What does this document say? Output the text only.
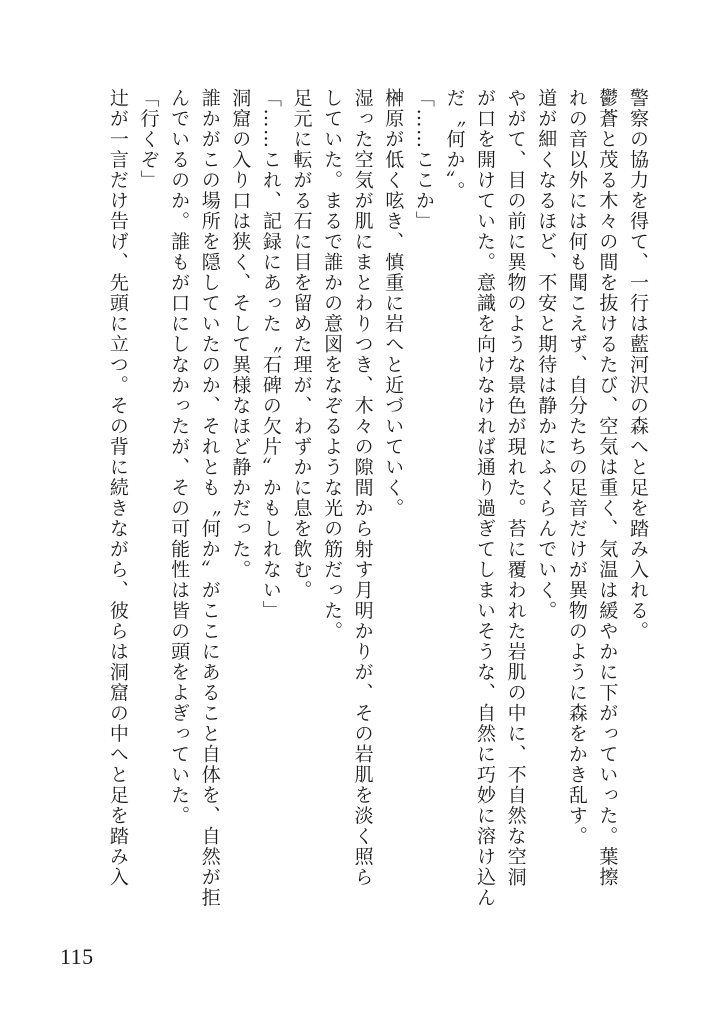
警察の協力を得て、一行は藍河沢の森へと足を踏み入れる。

鬱蒼と茂る木々の間を抜けるたび、空気は重く、気温は緩やかに下がっていった。葉擦

れの音以外には何も聞こえず、自分たちの足音だけが異物のように森をかき乱す。

道が細くなるほど、不安と期待は静かにふくらんでいく。

やがて、目の前に異物のような景色が現れた。苔に覆われた岩肌の中に、不自然な空洞

が口を開けていた。意識を向けなければ通り過ぎてしまいそうな、自然に巧妙に溶け込ん

だ〝何か〟。

「……ここか」

榊原が低く呟き、慎重に岩へと近づいていく。

湿った空気が肌にまとわりつき、木々の隙間から射す月明かりが、その岩肌を淡く照ら

していた。まるで誰かの意図をなぞるような光の筋だった。

足元に転がる石に目を留めた理が、わずかに息を飲む。

「……これ、記録にあった〝石碑の欠片〟かもしれない」

洞窟の入り口は狭く、そして異様なほど静かだった。

誰かがこの場所を隠していたのか、それとも〝何か〟がここにあること自体を、自然が拒

んでいるのか。誰もが口にしなかったが、その可能性は皆の頭をよぎっていた。

「行くぞ」

辻が一言だけ告げ、先頭に立つ。その背に続きながら、彼らは洞窟の中へと足を踏み入

115
